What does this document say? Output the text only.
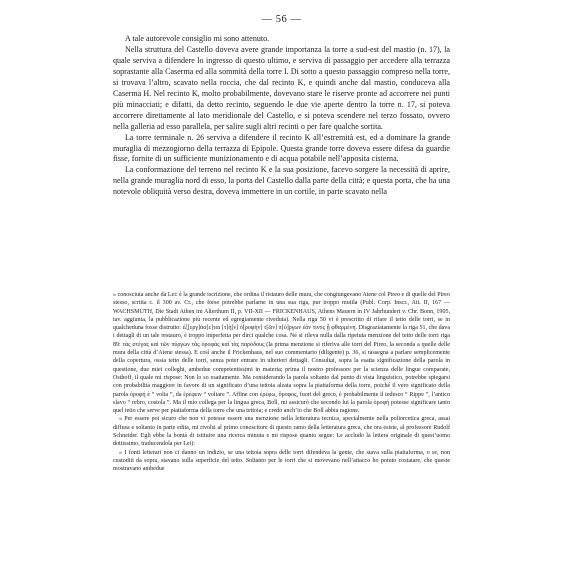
— 56 —

A tale autorevole consiglio mi sono attenuto.

Nella struttura del Castello doveva avere grande importanza la torre a sud-est del mastio (n. 17), la quale serviva a difendere lo ingresso di questo ultimo, e serviva di passaggio per accedere alla terrazza soprastante alla Caserma ed alla sommità della torre I. Di sotto a questo passaggio compreso nella torre, si trovava l’altro, scavato nella roccia, che dal recinto K, e quindi anche dal mastio, conduceva alla Caserma H. Nel recinto K, molto probabilmente, dovevano stare le riserve pronte ad accorrere nei punti più minacciati; e difatti, da detto recinto, seguendo le due vie aperte dentro la torre n. 17, si poteva accorrere direttamente al lato meridionale del Castello, e si poteva scendere nel terzo fossato, ovvero nella galleria ad esso parallela, per salire sugli altri recinti o per fare qualche sortita.

La torre terminale n. 26 serviva a difendere il recinto K all’estremità est, ed a dominare la grande muraglia di mezzogiorno della terrazza di Epipole. Questa grande torre doveva essere difesa da guardie fisse, fornite di un sufficiente munizionamento e di acqua potabile nell’apposita cisterna.

La conformazione del terreno nel recinto K e la sua posizione, facevo sorgere la necessità di aprire, nella grande muraglia nord di esso, la porta del Castello dalla parte della città; e questa porta, che ha una notevole obliquità verso destra, doveva immettere in un cortile, in parte scavato nella

» conosciuta anche da Lei: è la grande iscrizione, che ordina il ristauro delle mura, che congiungevano Atene col Pireo e di quelle del Pireo stesso, scritta c. il 300 av. Cr., che forse potrebbe parlarne in una sua riga, pur troppo mutila (Publ. Corp. Inscr., Att. II, 167 — WACHSMUTH, Die Stadt Athen im Alterthum II, p. VII-XII — FRICKENHAUS, Athens Mauern in IV Jahrhundert v. Chr. Bonn, 1905, tav. aggiunta, la pubblicazione più recente ed egregiamente riveduta). Nella riga 50 vi è prescritto di rifare il tetto delle torri, se in qualcheduna fosse distrutto: ἐξ[εργ]άσ[ε]ται [τ]ὴ[ν] ὀ[ροφὴν] τ[ῶν] π[ύ]ργων ἐάν τινος ᾖ φθαρμένη. Disgraziatamente la riga 51, che dava i dettagli di un tale restauro, è troppo imperfetta per dirci qualche cosa. Né si rileva nulla dalla ripetuta menzione del tetto delle torri riga 89: τὰς στέγας καὶ τῶν πύργων τὰς ὀροφὰς καὶ τὰς παρόδους (la prima menzione si riferiva alle torri del Pireo, la seconda a quelle delle mura della città d’Atene stessa). E così anche il Frickenhaus, nel suo commentario (diligente) p. 36, si rassegna a parlare semplicemente della copertura, ossia tetto delle torri, senza poter entrare in ulteriori dettagli. Consultai, sopra la esatta significazione della parola in questione, due miei colleghi, ambedue competentissimi in materia; prima il nostro professore per la scienza delle lingue comparate, Osthoff, il quale mi rispose: Non lo so esattamente. Ma considerando la parola soltanto dal punto di vista linguistico, potrebbe spiegarsi con probabilità maggiore in favore di un significato d’una tettoia alzata sopra la piattaforma della torre, poiché il vero significato della parola ὀροφή è “ volta ”, da ἐρέφειν “ voltare ”. Affine con ἐρέφω, ὄροφος, fuori del greco, è probabilmente il tedesco “ Rippe ”, l’antico slavo “ rebro, costola ”. Ma il mio collega per la lingua greca, Boll, mi assicurò che secondo lui la parola ὀροφή potesse significare tanto quel tetto che serve per piattaforma della torre che una tettoia; e credo anch’io che Boll abbia ragione.

« Per essere poi sicuro che non vi potesse essere una menzione nella letteratura tecnica, specialmente nella poliorcetica greca, assai diffusa e soltanto in parte edita, mi rivolsi al primo conoscitore di questo ramo della letteratura greca, che ora esiste, al professore Rudolf Schneider. Egli ebbe la bontà di istituire una ricerca minuta e mi rispose quanto segue: Le accludo la lettera originale di quest’uomo dottissimo, traducendola per Lei):

» I fonti letterari non ci danno un indizio, se una tettoia sopra delle torri difendeva la gente, che stava sulla piattaforma, o se, non custoditi da sopra, stavano sulla superficie del tetto. Soltanto per le torri che si movevano nell’attacco ho potuto costatare, che queste mostravano ambedue
